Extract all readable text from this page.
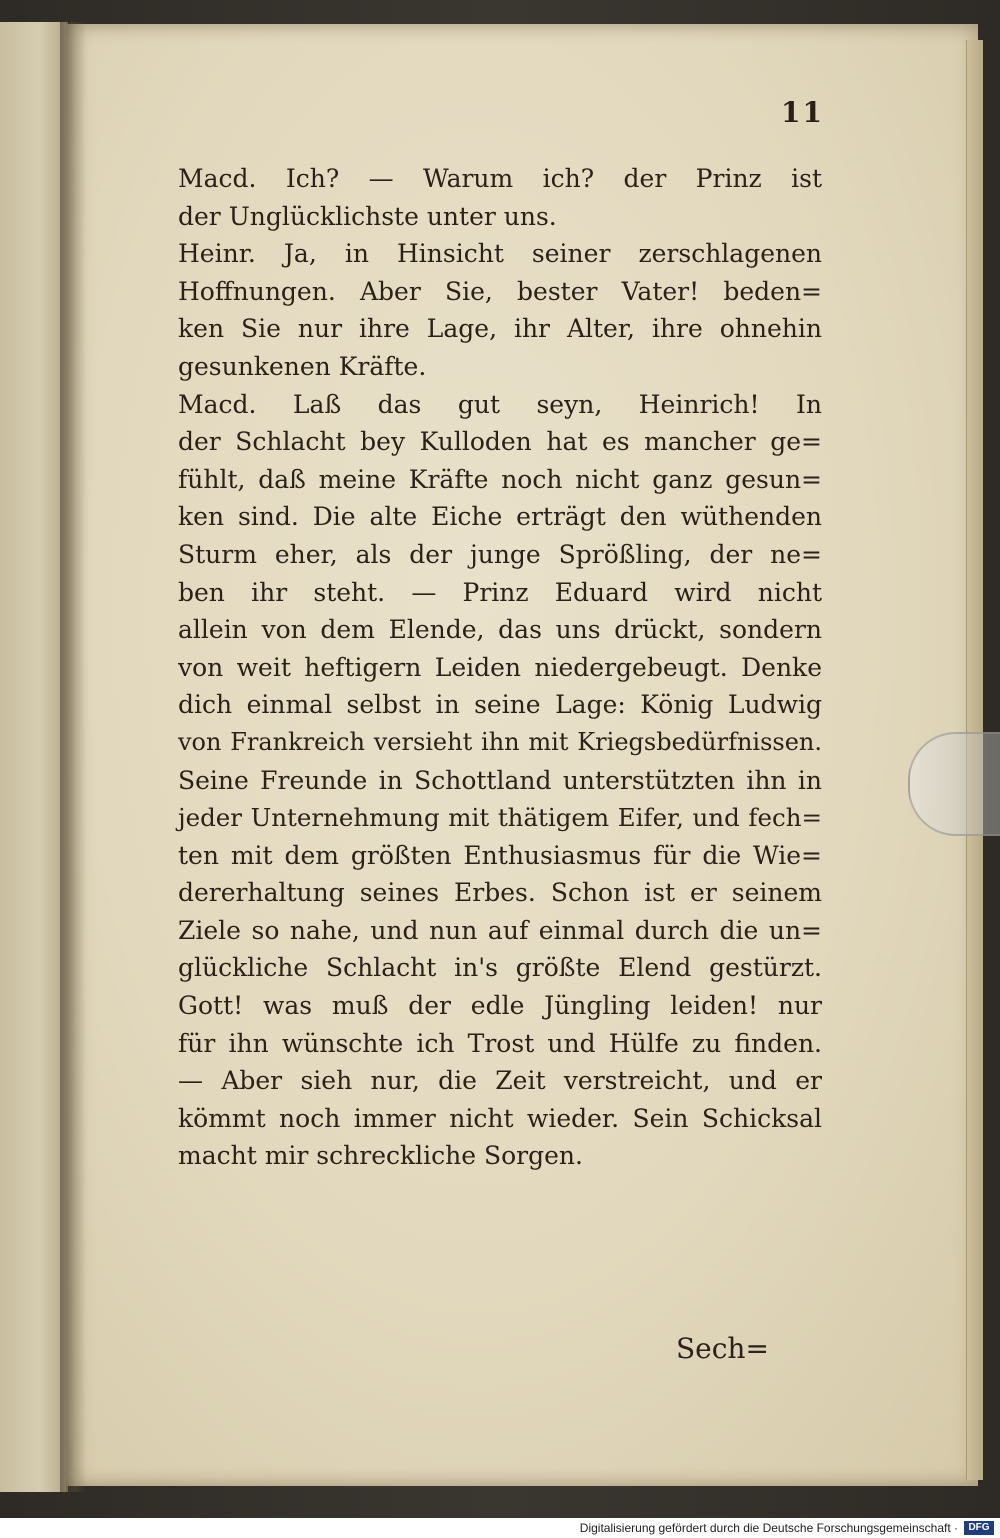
11
Macd. Ich? — Warum ich? der Prinz ist
der Unglücklichste unter uns.
Heinr. Ja, in Hinsicht seiner zerschlagenen
Hoffnungen. Aber Sie, bester Vater! beden=
ken Sie nur ihre Lage, ihr Alter, ihre ohnehin
gesunkenen Kräfte.
Macd. Laß das gut seyn, Heinrich! In
der Schlacht bey Kulloden hat es mancher ge=
fühlt, daß meine Kräfte noch nicht ganz gesun=
ken sind. Die alte Eiche erträgt den wüthenden
Sturm eher, als der junge Sprößling, der ne=
ben ihr steht. — Prinz Eduard wird nicht
allein von dem Elende, das uns drückt, sondern
von weit heftigern Leiden niedergebeugt. Denke
dich einmal selbst in seine Lage: König Ludwig
von Frankreich versieht ihn mit Kriegsbedürfnissen.
Seine Freunde in Schottland unterstützten ihn in
jeder Unternehmung mit thätigem Eifer, und fech=
ten mit dem größten Enthusiasmus für die Wie=
dererhaltung seines Erbes. Schon ist er seinem
Ziele so nahe, und nun auf einmal durch die un=
glückliche Schlacht in's größte Elend gestürzt.
Gott! was muß der edle Jüngling leiden! nur
für ihn wünschte ich Trost und Hülfe zu finden.
— Aber sieh nur, die Zeit verstreicht, und er
kömmt noch immer nicht wieder. Sein Schicksal
macht mir schreckliche Sorgen.
Sech=
Digitalisierung gefördert durch die Deutsche Forschungsgemeinschaft ·	DFG
